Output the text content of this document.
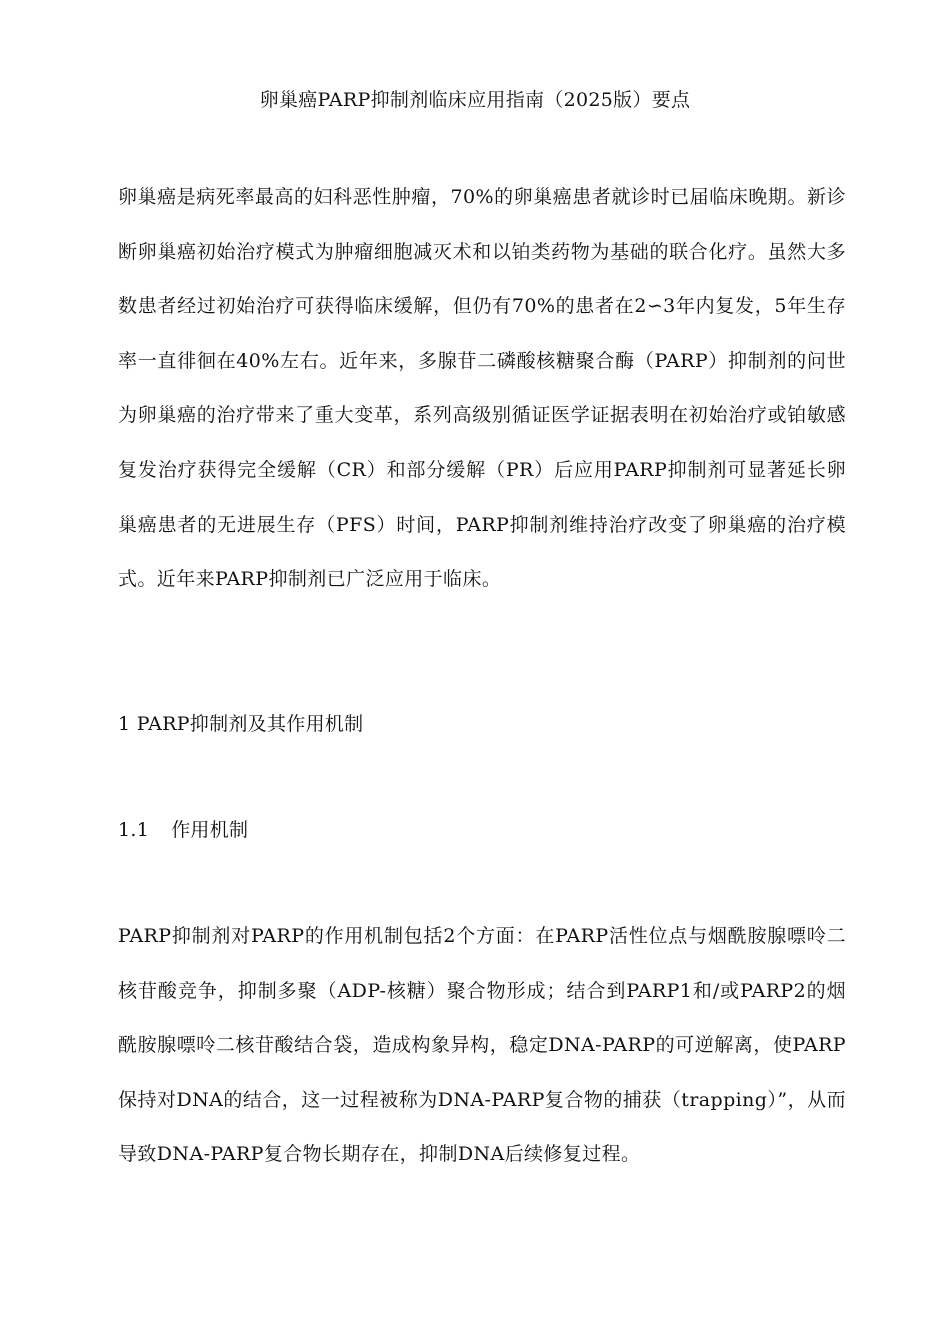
卵巢癌PARP抑制剂临床应用指南（2025版）要点

卵巢癌是病死率最高的妇科恶性肿瘤，70%的卵巢癌患者就诊时已届临床晚期。新诊断卵巢癌初始治疗模式为肿瘤细胞减灭术和以铂类药物为基础的联合化疗。虽然大多数患者经过初始治疗可获得临床缓解，但仍有70%的患者在2∽3年内复发，5年生存率一直徘徊在40%左右。近年来，多腺苷二磷酸核糖聚合酶（PARP）抑制剂的问世为卵巢癌的治疗带来了重大变革，系列高级别循证医学证据表明在初始治疗或铂敏感复发治疗获得完全缓解（CR）和部分缓解（PR）后应用PARP抑制剂可显著延长卵巢癌患者的无进展生存（PFS）时间，PARP抑制剂维持治疗改变了卵巢癌的治疗模式。近年来PARP抑制剂已广泛应用于临床。

1 PARP抑制剂及其作用机制
1.1 作用机制

PARP抑制剂对PARP的作用机制包括2个方面：在PARP活性位点与烟酰胺腺嘌呤二核苷酸竞争，抑制多聚（ADP-核糖）聚合物形成；结合到PARP1和/或PARP2的烟酰胺腺嘌呤二核苷酸结合袋，造成构象异构，稳定DNA-PARP的可逆解离，使PARP保持对DNA的结合，这一过程被称为DNA-PARP复合物的捕获（trapping）”，从而导致DNA-PARP复合物长期存在，抑制DNA后续修复过程。
